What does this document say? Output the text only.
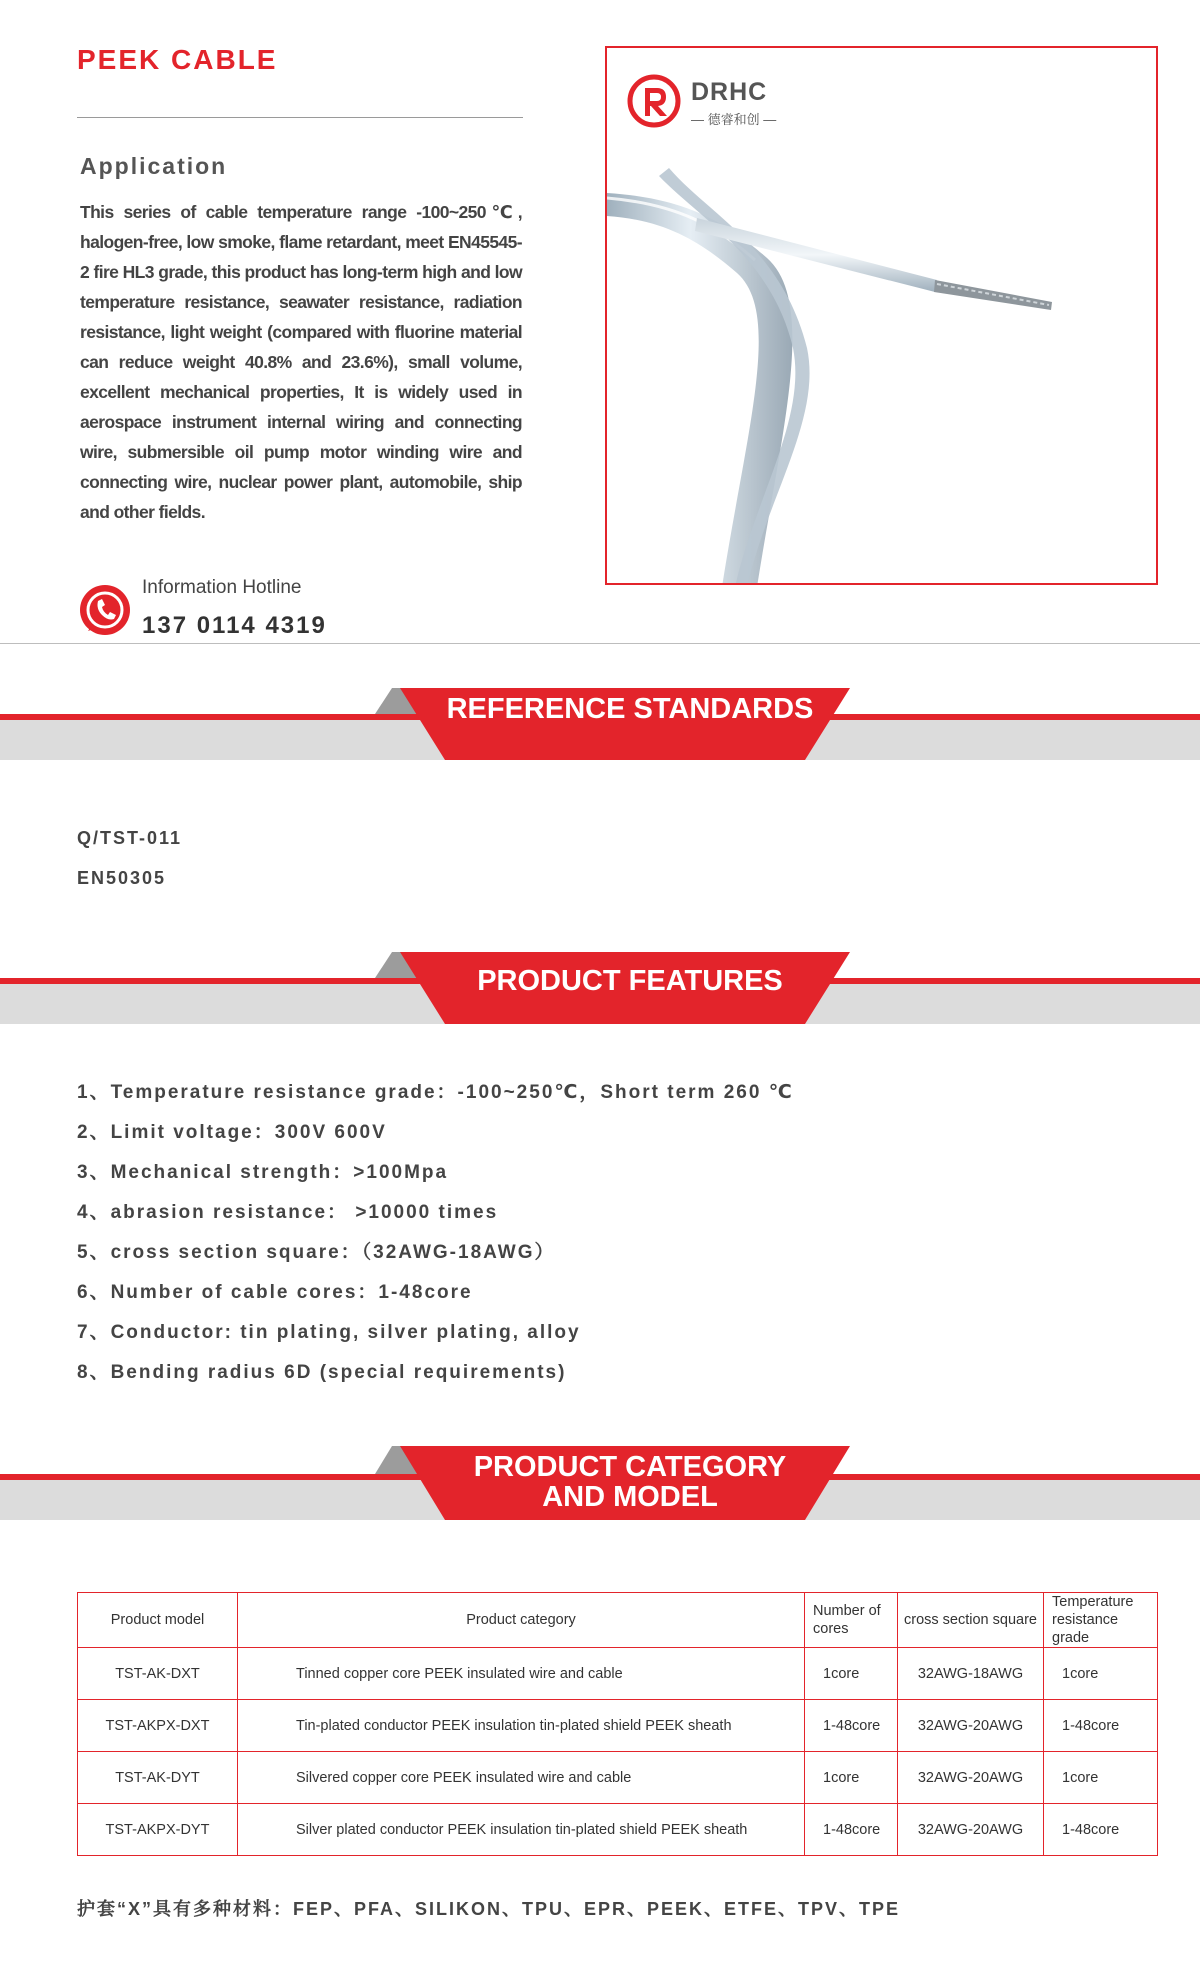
PEEK CABLE
Application

This series of cable temperature range -100~250℃, halogen-free, low smoke, flame retardant, meet EN45545-2 fire HL3 grade, this product has long-term high and low temperature resistance, seawater resistance, radiation resistance, light weight (compared with fluorine material can reduce weight 40.8% and 23.6%), small volume, excellent mechanical properties, It is widely used in aerospace instrument internal wiring and connecting wire, submersible oil pump motor winding wire and connecting wire, nuclear power plant, automobile, ship and other fields.

Information Hotline
137 0114 4319
DRHC
— 德睿和创 —
REFERENCE STANDARDS
Q/TST-011
EN50305
PRODUCT FEATURES
1、Temperature resistance grade：-100~250℃，Short term 260 ℃
2、Limit voltage：300V 600V
3、Mechanical strength：>100Mpa
4、abrasion resistance： >10000 times
5、cross section square：（32AWG-18AWG）
6、Number of cable cores：1-48core
7、Conductor: tin plating, silver plating, alloy
8、Bending radius 6D (special requirements)
PRODUCT CATEGORY
AND MODEL
Product model	Product category	Number of cores	cross section square	Temperature resistance grade
TST-AK-DXT	Tinned copper core PEEK insulated wire and cable	1core	32AWG-18AWG	1core
TST-AKPX-DXT	Tin-plated conductor PEEK insulation tin-plated shield PEEK sheath	1-48core	32AWG-20AWG	1-48core
TST-AK-DYT	Silvered copper core PEEK insulated wire and cable	1core	32AWG-20AWG	1core
TST-AKPX-DYT	Silver plated conductor PEEK insulation tin-plated shield PEEK sheath	1-48core	32AWG-20AWG	1-48core
护套“X”具有多种材料：FEP、PFA、SILIKON、TPU、EPR、PEEK、ETFE、TPV、TPE
